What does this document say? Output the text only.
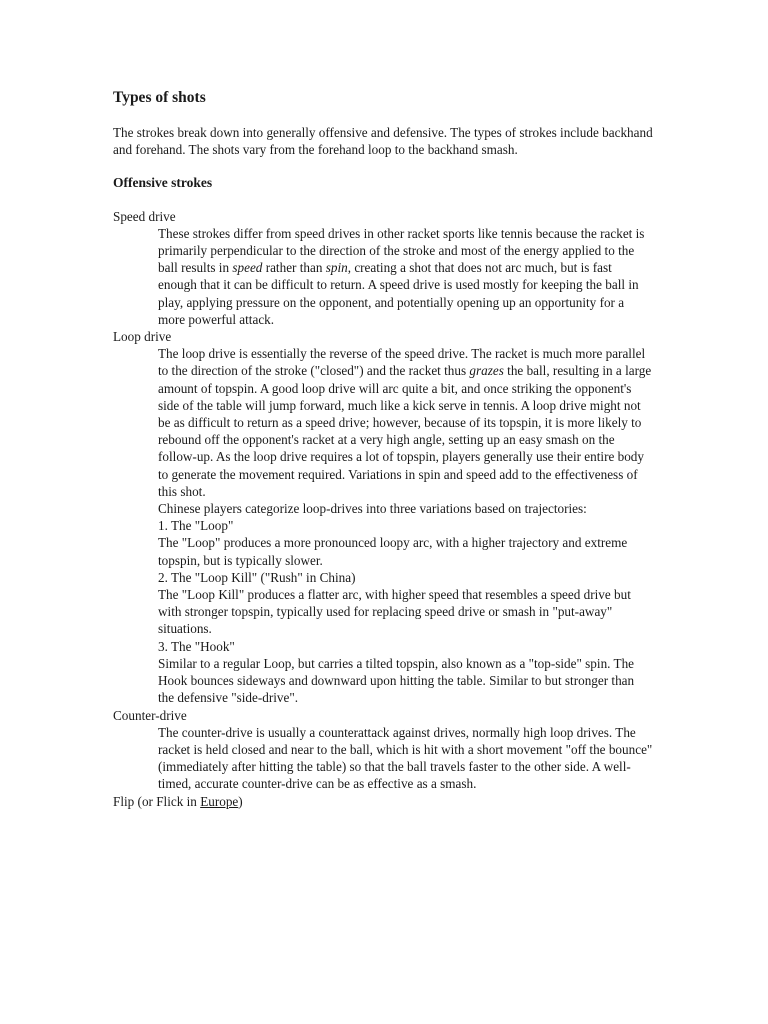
Types of shots

The strokes break down into generally offensive and defensive. The types of strokes include backhand and forehand. The shots vary from the forehand loop to the backhand smash.

Offensive strokes
Speed drive
These strokes differ from speed drives in other racket sports like tennis because the racket is primarily perpendicular to the direction of the stroke and most of the energy applied to the ball results in speed rather than spin, creating a shot that does not arc much, but is fast enough that it can be difficult to return. A speed drive is used mostly for keeping the ball in play, applying pressure on the opponent, and potentially opening up an opportunity for a more powerful attack.
Loop drive
The loop drive is essentially the reverse of the speed drive. The racket is much more parallel to the direction of the stroke ("closed") and the racket thus grazes the ball, resulting in a large amount of topspin. A good loop drive will arc quite a bit, and once striking the opponent's side of the table will jump forward, much like a kick serve in tennis. A loop drive might not be as difficult to return as a speed drive; however, because of its topspin, it is more likely to rebound off the opponent's racket at a very high angle, setting up an easy smash on the follow-up. As the loop drive requires a lot of topspin, players generally use their entire body to generate the movement required. Variations in spin and speed add to the effectiveness of this shot.
Chinese players categorize loop-drives into three variations based on trajectories:
1. The "Loop"
The "Loop" produces a more pronounced loopy arc, with a higher trajectory and extreme topspin, but is typically slower.
2. The "Loop Kill" ("Rush" in China)
The "Loop Kill" produces a flatter arc, with higher speed that resembles a speed drive but with stronger topspin, typically used for replacing speed drive or smash in "put-away" situations.
3. The "Hook"
Similar to a regular Loop, but carries a tilted topspin, also known as a "top-side" spin. The Hook bounces sideways and downward upon hitting the table. Similar to but stronger than the defensive "side-drive".
Counter-drive
The counter-drive is usually a counterattack against drives, normally high loop drives. The racket is held closed and near to the ball, which is hit with a short movement "off the bounce" (immediately after hitting the table) so that the ball travels faster to the other side. A well-timed, accurate counter-drive can be as effective as a smash.
Flip (or Flick in Europe)
